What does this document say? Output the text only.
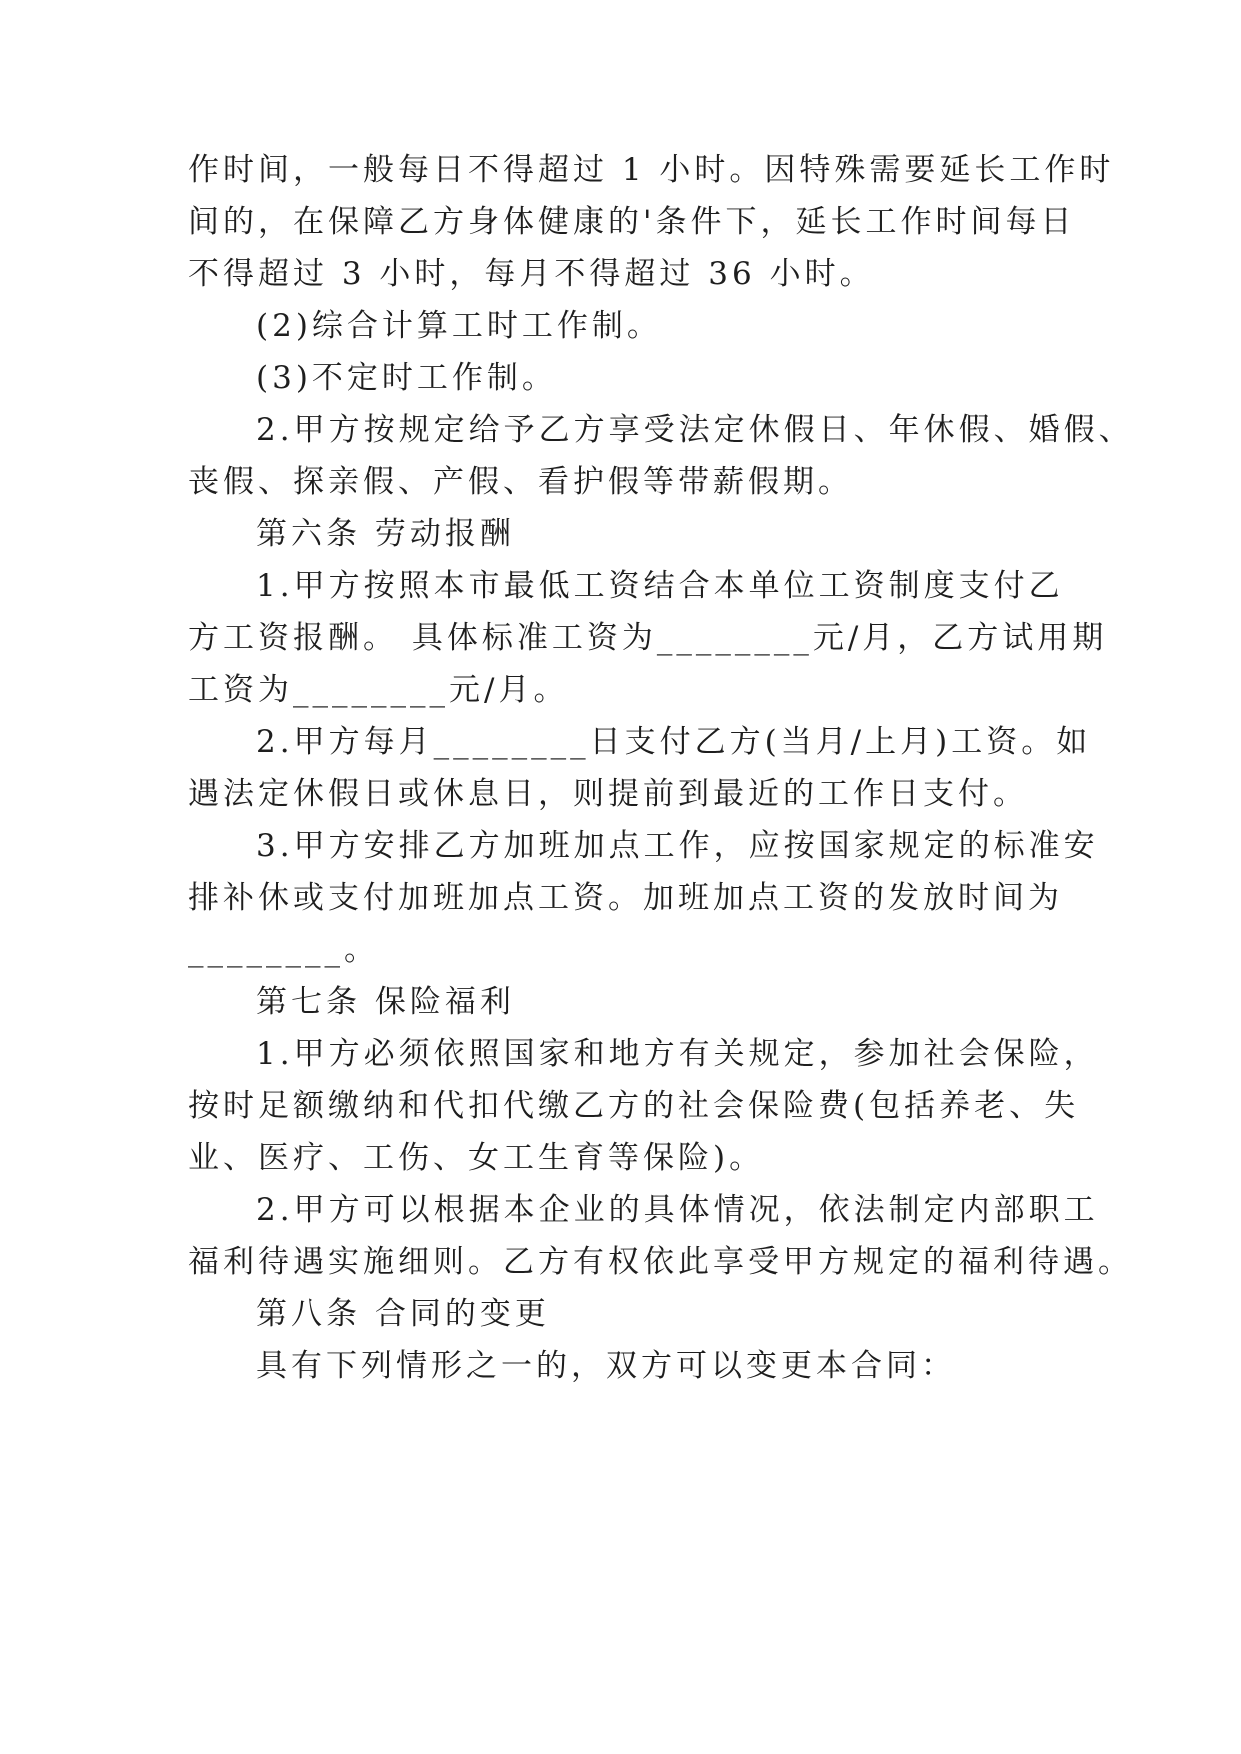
作时间，一般每日不得超过 1 小时。因特殊需要延长工作时
间的，在保障乙方身体健康的'条件下，延长工作时间每日
不得超过 3 小时，每月不得超过 36 小时。
(2)综合计算工时工作制。
(3)不定时工作制。
2.甲方按规定给予乙方享受法定休假日、年休假、婚假、
丧假、探亲假、产假、看护假等带薪假期。
第六条 劳动报酬
1.甲方按照本市最低工资结合本单位工资制度支付乙
方工资报酬。 具体标准工资为________元/月，乙方试用期
工资为________元/月。
2.甲方每月________日支付乙方(当月/上月)工资。如
遇法定休假日或休息日，则提前到最近的工作日支付。
3.甲方安排乙方加班加点工作，应按国家规定的标准安
排补休或支付加班加点工资。加班加点工资的发放时间为
________。
第七条 保险福利
1.甲方必须依照国家和地方有关规定，参加社会保险，
按时足额缴纳和代扣代缴乙方的社会保险费(包括养老、失
业、医疗、工伤、女工生育等保险)。
2.甲方可以根据本企业的具体情况，依法制定内部职工
福利待遇实施细则。乙方有权依此享受甲方规定的福利待遇。
第八条 合同的变更
具有下列情形之一的，双方可以变更本合同：
